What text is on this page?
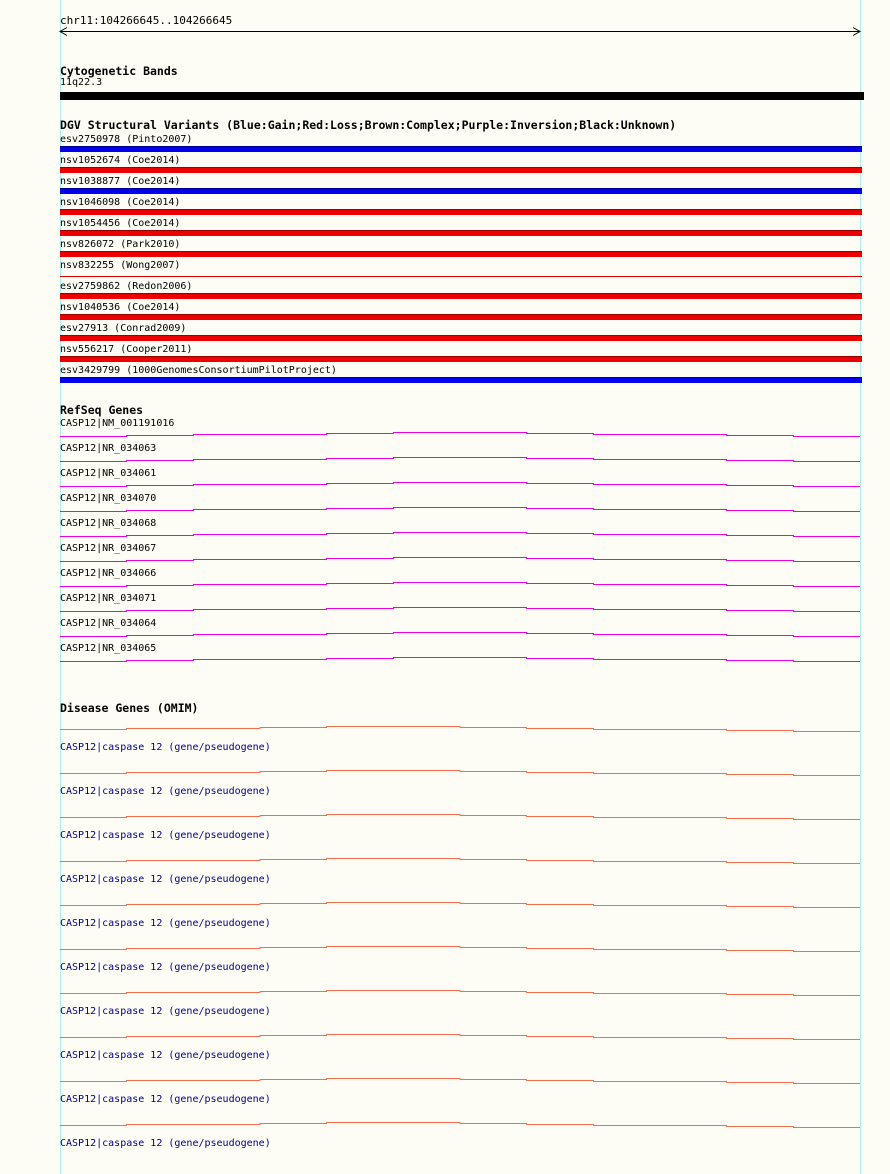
chr11:104266645..104266645
Cytogenetic Bands
11q22.3
DGV Structural Variants (Blue:Gain;Red:Loss;Brown:Complex;Purple:Inversion;Black:Unknown)
esv2750978 (Pinto2007)
nsv1052674 (Coe2014)
nsv1038877 (Coe2014)
nsv1046098 (Coe2014)
nsv1054456 (Coe2014)
nsv826072 (Park2010)
nsv832255 (Wong2007)
esv2759862 (Redon2006)
nsv1040536 (Coe2014)
esv27913 (Conrad2009)
nsv556217 (Cooper2011)
esv3429799 (1000GenomesConsortiumPilotProject)
RefSeq Genes
CASP12|NM_001191016
CASP12|NR_034063
CASP12|NR_034061
CASP12|NR_034070
CASP12|NR_034068
CASP12|NR_034067
CASP12|NR_034066
CASP12|NR_034071
CASP12|NR_034064
CASP12|NR_034065
Disease Genes (OMIM)
CASP12|caspase 12 (gene/pseudogene)
CASP12|caspase 12 (gene/pseudogene)
CASP12|caspase 12 (gene/pseudogene)
CASP12|caspase 12 (gene/pseudogene)
CASP12|caspase 12 (gene/pseudogene)
CASP12|caspase 12 (gene/pseudogene)
CASP12|caspase 12 (gene/pseudogene)
CASP12|caspase 12 (gene/pseudogene)
CASP12|caspase 12 (gene/pseudogene)
CASP12|caspase 12 (gene/pseudogene)
